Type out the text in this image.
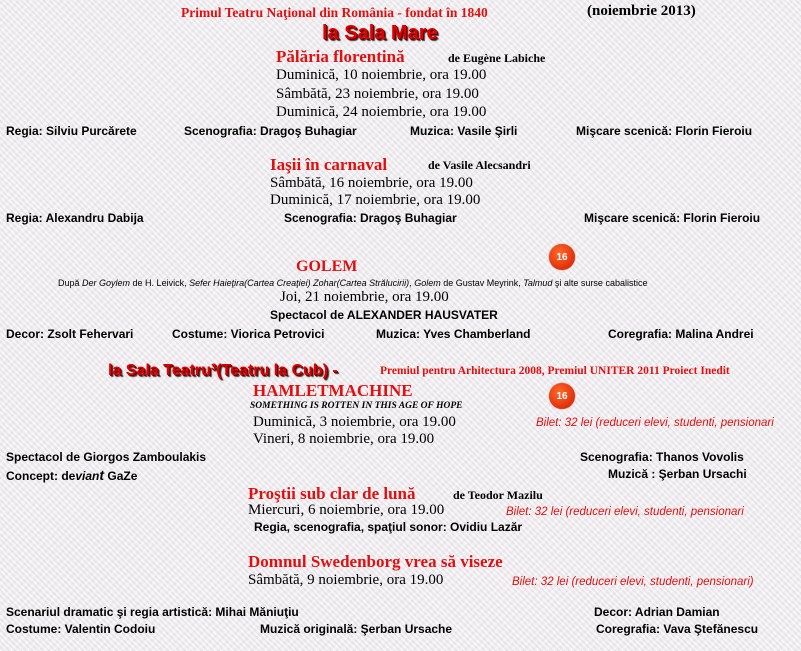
Primul Teatru Naţional din România - fondat în 1840	(noiembrie 2013)
la Sala Mare
Pălăria florentină	de Eugène Labiche
Duminică, 10 noiembrie, ora 19.00
Sâmbătă, 23 noiembrie, ora 19.00
Duminică, 24 noiembrie, ora 19.00
Regia: Silviu Purcărete	Scenografia: Dragoş Buhagiar	Muzica: Vasile Şirli	Mişcare scenică: Florin Fieroiu
Iaşii în carnaval	de Vasile Alecsandri
Sâmbătă, 16 noiembrie, ora 19.00
Duminică, 17 noiembrie, ora 19.00
Regia: Alexandru Dabija	Scenografia: Dragoş Buhagiar	Mişcare scenică: Florin Fieroiu
16
GOLEM
După Der Goylem de H. Leivick, Sefer Haieţira(Cartea Creaţiei) Zohar(Cartea Strălucirii), Golem de Gustav Meyrink, Talmud şi alte surse cabalistice
Joi, 21 noiembrie, ora 19.00
Spectacol de ALEXANDER HAUSVATER
Decor: Zsolt Fehervari	Costume: Viorica Petrovici	Muzica: Yves Chamberland	Coregrafia: Malina Andrei
la Sala Teatru³(Teatru la Cub) -	Premiul pentru Arhitectura 2008, Premiul UNITER 2011 Proiect Inedit
HAMLETMACHINE	16
SOMETHING IS ROTTEN IN THIS AGE OF HOPE
Duminică, 3 noiembrie, ora 19.00	Bilet: 32 lei (reduceri elevi, studenti, pensionari
Vineri, 8 noiembrie, ora 19.00
Spectacol de Giorgos Zamboulakis
Concept: deviant GaZe
Scenografia: Thanos Vovolis
Muzică : Şerban Ursachi
Proştii sub clar de lună	de Teodor Mazilu
Miercuri, 6 noiembrie, ora 19.00	Bilet: 32 lei (reduceri elevi, studenti, pensionari
Regia, scenografia, spaţiul sonor: Ovidiu Lazăr
Domnul Swedenborg vrea să viseze
Sâmbătă, 9 noiembrie, ora 19.00	Bilet: 32 lei (reduceri elevi, studenti, pensionari)
Scenariul dramatic şi regia artistică: Mihai Măniuţiu	Decor: Adrian Damian
Costume: Valentin Codoiu	Muzică originală: Şerban Ursache	Coregrafia: Vava Ştefănescu
